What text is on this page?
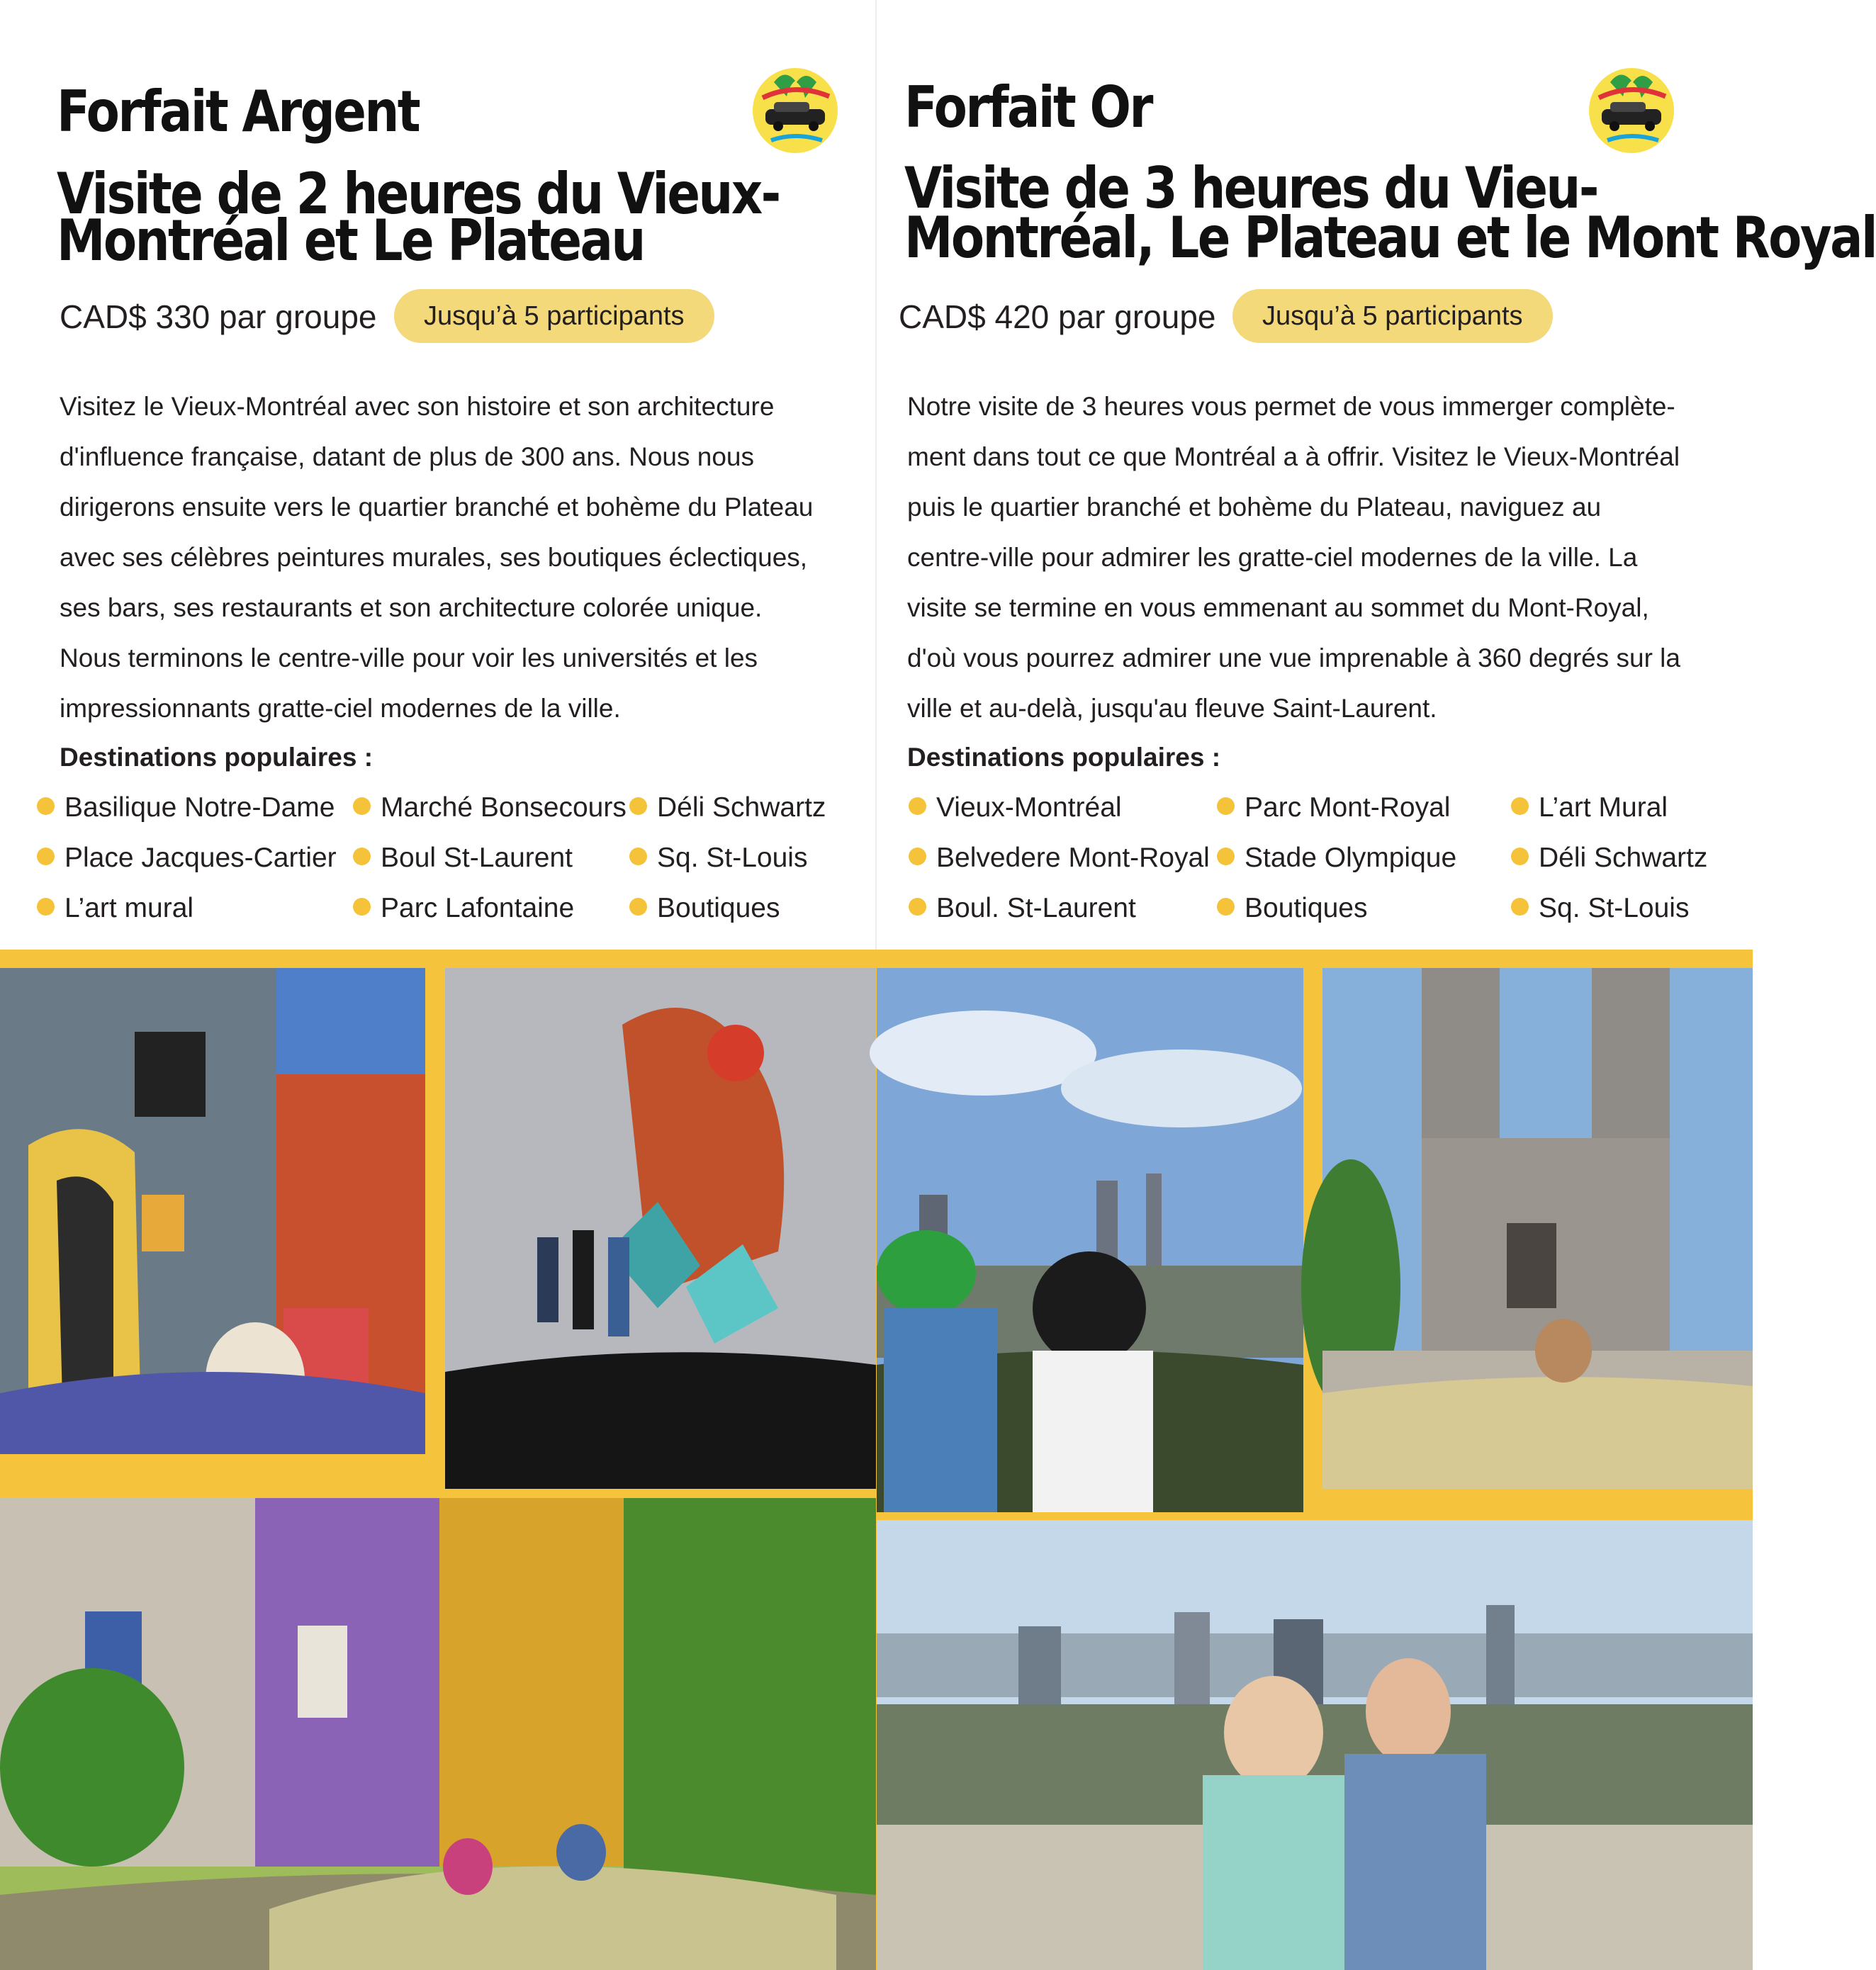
Forfait Argent
Visite de 2 heures du Vieux-
Montréal et Le Plateau
CAD$ 330 par groupe	Jusqu’à 5 participants

Visitez le Vieux-Montréal avec son histoire et son architecture

d'influence française, datant de plus de 300 ans. Nous nous

dirigerons ensuite vers le quartier branché et bohème du Plateau

avec ses célèbres peintures murales, ses boutiques éclectiques,

ses bars, ses restaurants et son architecture colorée unique.

Nous terminons le centre-ville pour voir les universités et les

impressionnants gratte-ciel modernes de la ville.

Destinations populaires :
Basilique Notre-Dame	Marché Bonsecours	Déli Schwartz
Place Jacques-Cartier	Boul St-Laurent	Sq. St-Louis
L’art mural	Parc Lafontaine	Boutiques
Forfait Or
Visite de 3 heures du Vieu-
Montréal, Le Plateau et le Mont Royal
CAD$ 420 par groupe	Jusqu’à 5 participants

Notre visite de 3 heures vous permet de vous immerger complète-

ment dans tout ce que Montréal a à offrir. Visitez le Vieux-Montréal

puis le quartier branché et bohème du Plateau, naviguez au

centre-ville pour admirer les gratte-ciel modernes de la ville. La

visite se termine en vous emmenant au sommet du Mont-Royal,

d'où vous pourrez admirer une vue imprenable à 360 degrés sur la

ville et au-delà, jusqu'au fleuve Saint-Laurent.

Destinations populaires :
Vieux-Montréal	Parc Mont-Royal	L’art Mural
Belvedere Mont-Royal	Stade Olympique	Déli Schwartz
Boul. St-Laurent	Boutiques	Sq. St-Louis
